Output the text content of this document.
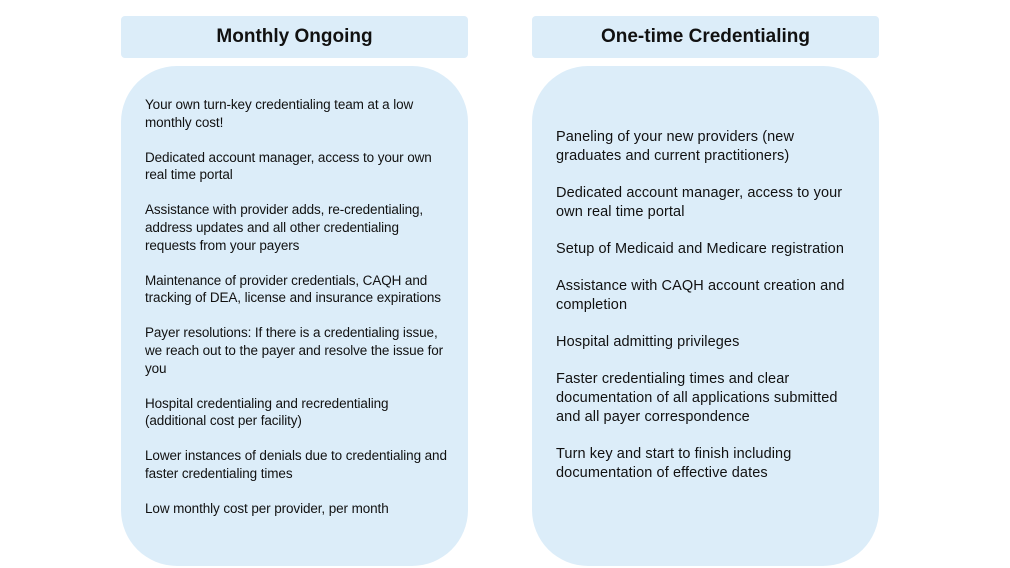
Monthly Ongoing	One-time Credentialing
Your own turn-key credentialing team at a low monthly cost!
Dedicated account manager, access to your own real time portal
Assistance with provider adds, re-credentialing, address updates and all other credentialing requests from your payers
Maintenance of provider credentials, CAQH and tracking of DEA, license and insurance expirations
Payer resolutions: If there is a credentialing issue, we reach out to the payer and resolve the issue for you
Hospital credentialing and recredentialing (additional cost per facility)
Lower instances of denials due to credentialing and faster credentialing times
Low monthly cost per provider, per month
Paneling of your new providers (new graduates and current practitioners)
Dedicated account manager, access to your own real time portal
Setup of Medicaid and Medicare registration
Assistance with CAQH account creation and completion
Hospital admitting privileges
Faster credentialing times and clear documentation of all applications submitted and all payer correspondence
Turn key and start to finish including documentation of effective dates
